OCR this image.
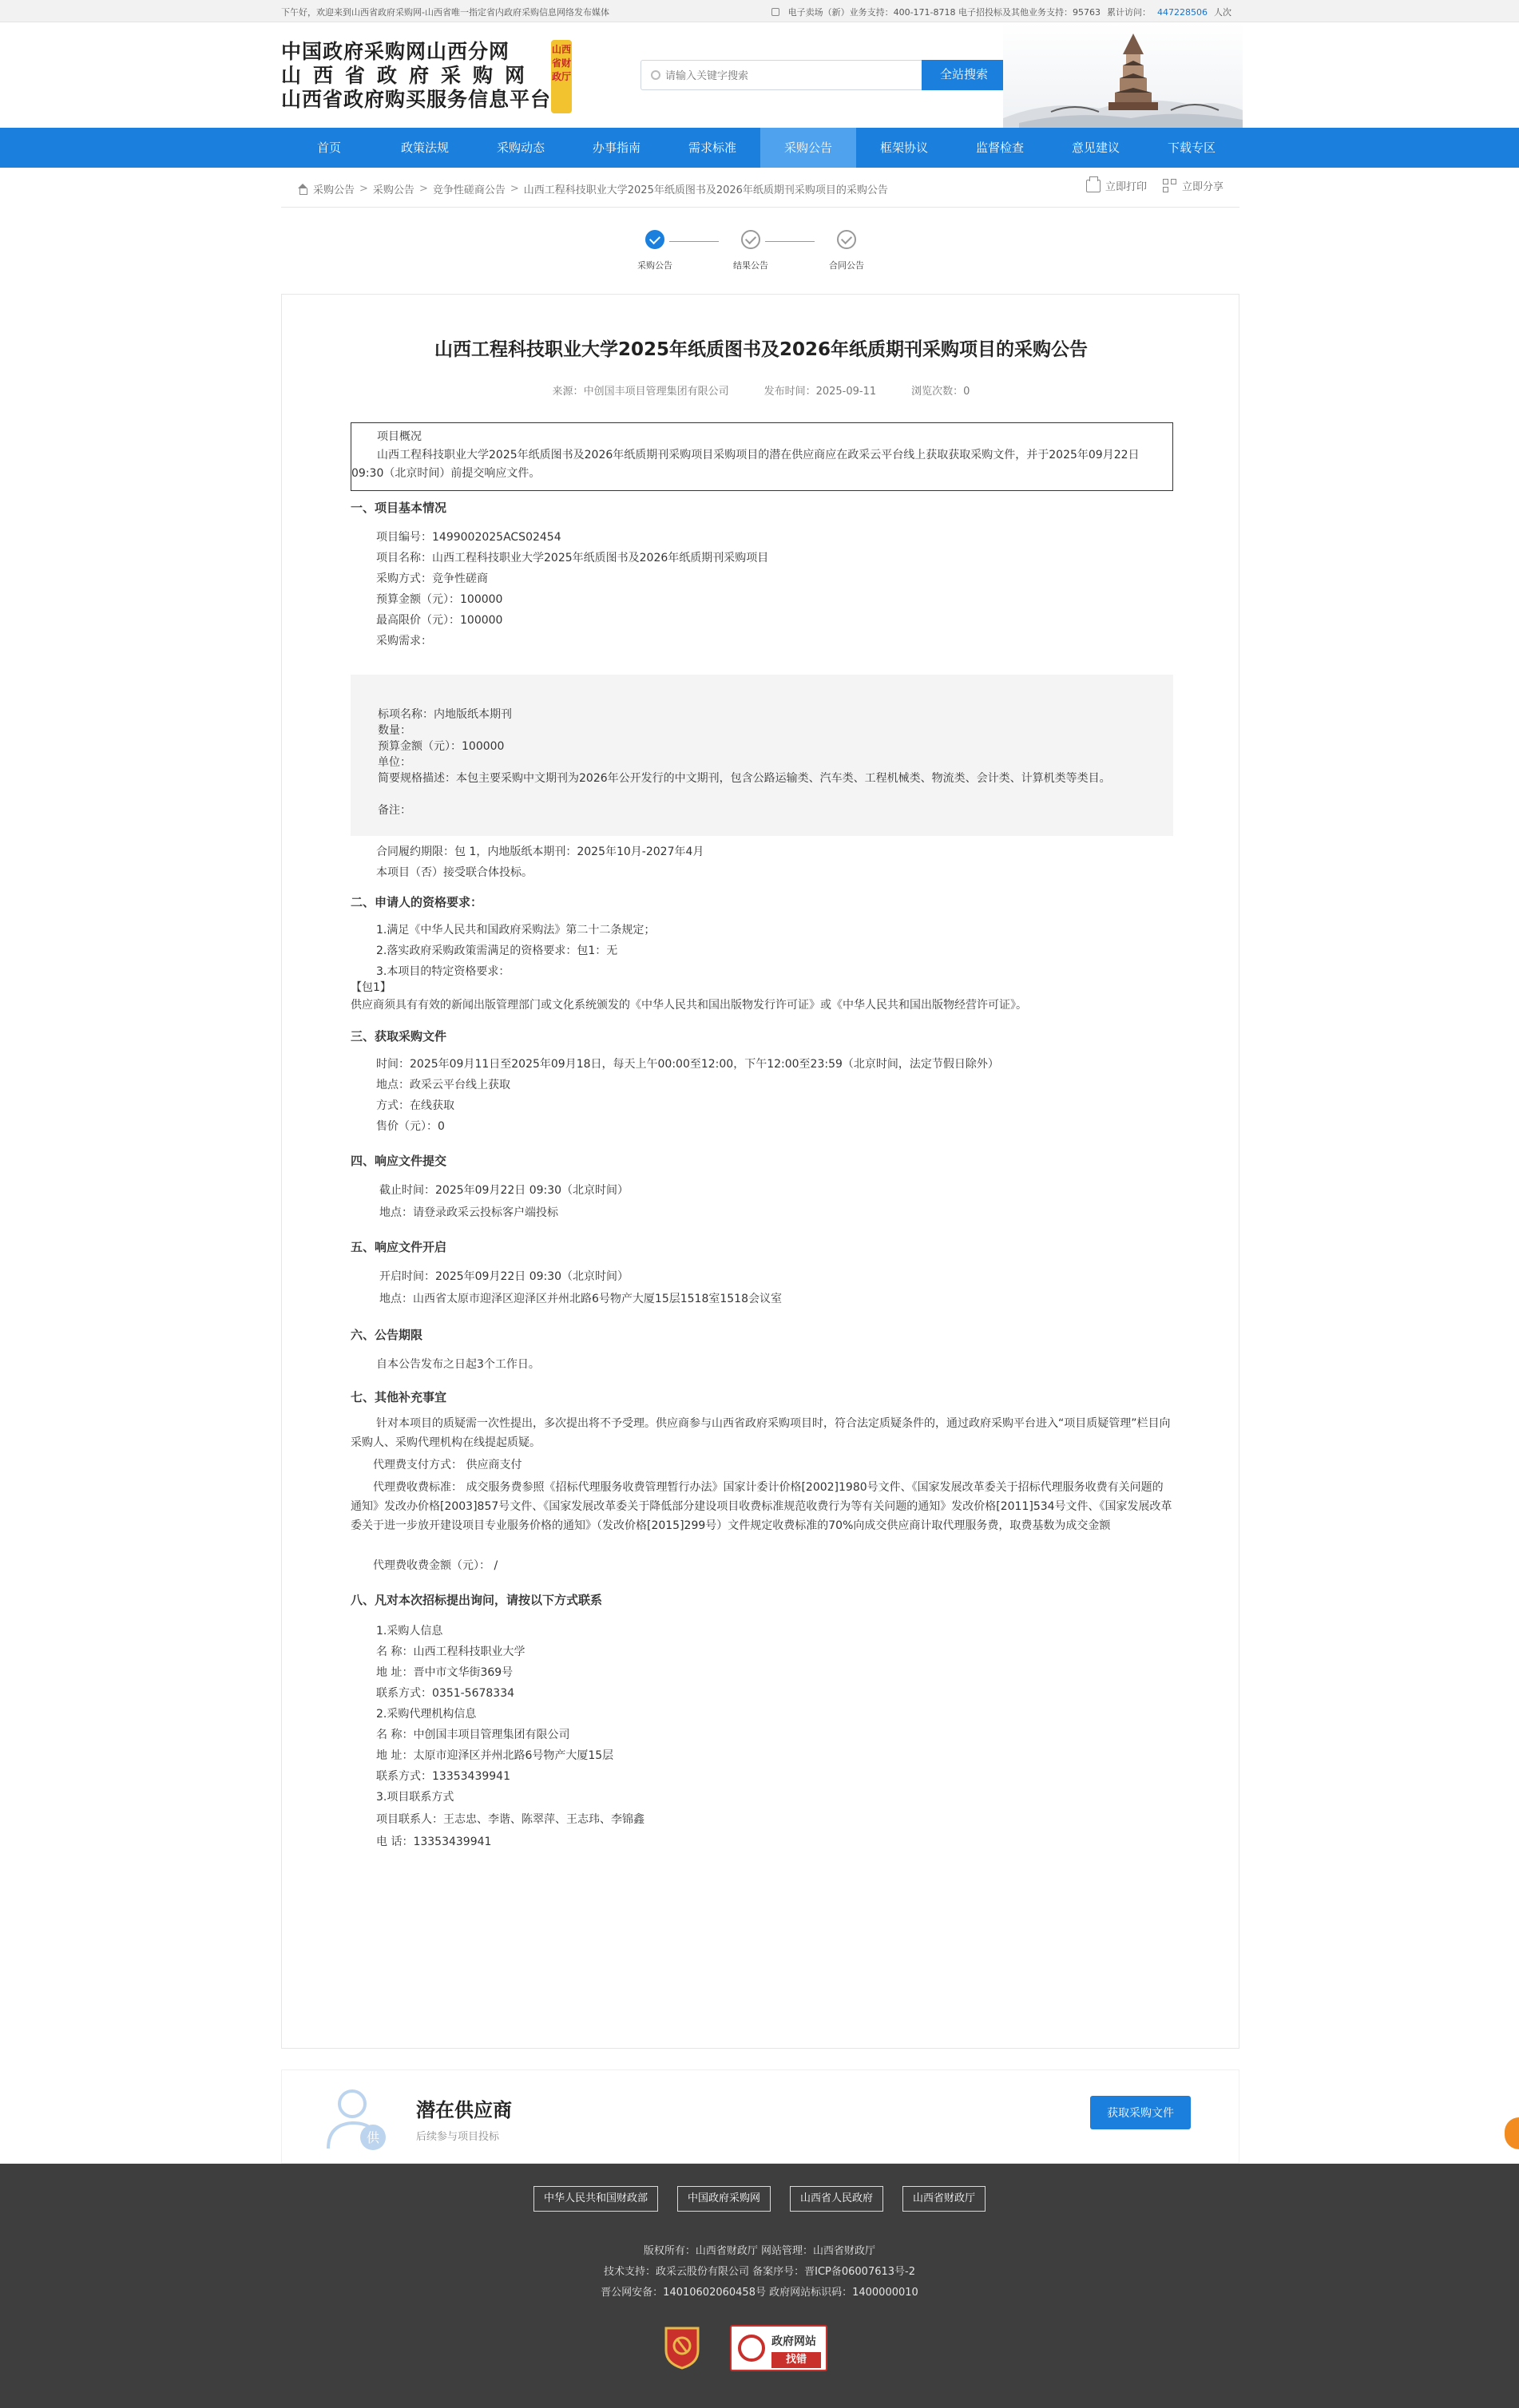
下午好，欢迎来到山西省政府采购网-山西省唯一指定省内政府采购信息网络发布媒体	电子卖场（新）业务支持：400-171-8718 电子招投标及其他业务支持：95763 累计访问： 447228506 人次
中国政府采购网山西分网
山西省政府采购网
山西省政府购买服务信息平台
山西省财政厅
请输入关键字搜索	全站搜索
首页	政策法规	采购动态	办事指南	需求标准	采购公告	框架协议	监督检查	意见建议	下载专区
采购公告 > 采购公告 > 竞争性磋商公告 > 山西工程科技职业大学2025年纸质图书及2026年纸质期刊采购项目的采购公告	立即打印	立即分享
采购公告	结果公告	合同公告
山西工程科技职业大学2025年纸质图书及2026年纸质期刊采购项目的采购公告
来源：中创国丰项目管理集团有限公司	发布时间：2025-09-11	浏览次数：0
项目概况
山西工程科技职业大学2025年纸质图书及2026年纸质期刊采购项目采购项目的潜在供应商应在政采云平台线上获取获取采购文件，并于2025年09月22日 09:30（北京时间）前提交响应文件。
一、项目基本情况
项目编号：1499002025ACS02454
项目名称：山西工程科技职业大学2025年纸质图书及2026年纸质期刊采购项目
采购方式：竞争性磋商
预算金额（元）：100000
最高限价（元）：100000
采购需求：
标项名称：内地版纸本期刊
数量：
预算金额（元）：100000
单位：
简要规格描述：本包主要采购中文期刊为2026年公开发行的中文期刊，包含公路运输类、汽车类、工程机械类、物流类、会计类、计算机类等类目。
备注：
合同履约期限：包 1，内地版纸本期刊：2025年10月-2027年4月
本项目（否）接受联合体投标。
二、申请人的资格要求：
1.满足《中华人民共和国政府采购法》第二十二条规定；
2.落实政府采购政策需满足的资格要求：包1：无
3.本项目的特定资格要求：
【包1】
供应商须具有有效的新闻出版管理部门或文化系统颁发的《中华人民共和国出版物发行许可证》或《中华人民共和国出版物经营许可证》。
三、获取采购文件
时间：2025年09月11日至2025年09月18日，每天上午00:00至12:00，下午12:00至23:59（北京时间，法定节假日除外）
地点：政采云平台线上获取
方式：在线获取
售价（元）：0
四、响应文件提交
截止时间：2025年09月22日 09:30（北京时间）
地点：请登录政采云投标客户端投标
五、响应文件开启
开启时间：2025年09月22日 09:30（北京时间）
地点：山西省太原市迎泽区迎泽区并州北路6号物产大厦15层1518室1518会议室
六、公告期限
自本公告发布之日起3个工作日。
七、其他补充事宜
针对本项目的质疑需一次性提出，多次提出将不予受理。供应商参与山西省政府采购项目时，符合法定质疑条件的，通过政府采购平台进入“项目质疑管理”栏目向采购人、采购代理机构在线提起质疑。
代理费支付方式： 供应商支付
代理费收费标准： 成交服务费参照《招标代理服务收费管理暂行办法》国家计委计价格[2002]1980号文件、《国家发展改革委关于招标代理服务收费有关问题的通知》发改办价格[2003]857号文件、《国家发展改革委关于降低部分建设项目收费标准规范收费行为等有关问题的通知》发改价格[2011]534号文件、《国家发展改革委关于进一步放开建设项目专业服务价格的通知》（发改价格[2015]299号）文件规定收费标准的70%向成交供应商计取代理服务费，取费基数为成交金额
代理费收费金额（元）： /
八、凡对本次招标提出询问，请按以下方式联系
1.采购人信息
名 称：山西工程科技职业大学
地 址：晋中市文华街369号
联系方式：0351-5678334
2.采购代理机构信息
名 称：中创国丰项目管理集团有限公司
地 址：太原市迎泽区并州北路6号物产大厦15层
联系方式：13353439941
3.项目联系方式
项目联系人：王志忠、李谐、陈翠萍、王志玮、李锦鑫
电 话：13353439941
供
潜在供应商
后续参与项目投标
获取采购文件
中华人民共和国财政部	中国政府采购网	山西省人民政府	山西省财政厅
版权所有：山西省财政厅 网站管理：山西省财政厅
技术支持：政采云股份有限公司 备案序号：晋ICP备06007613号-2
晋公网安备：14010602060458号 政府网站标识码：1400000010
政府网站
找错
